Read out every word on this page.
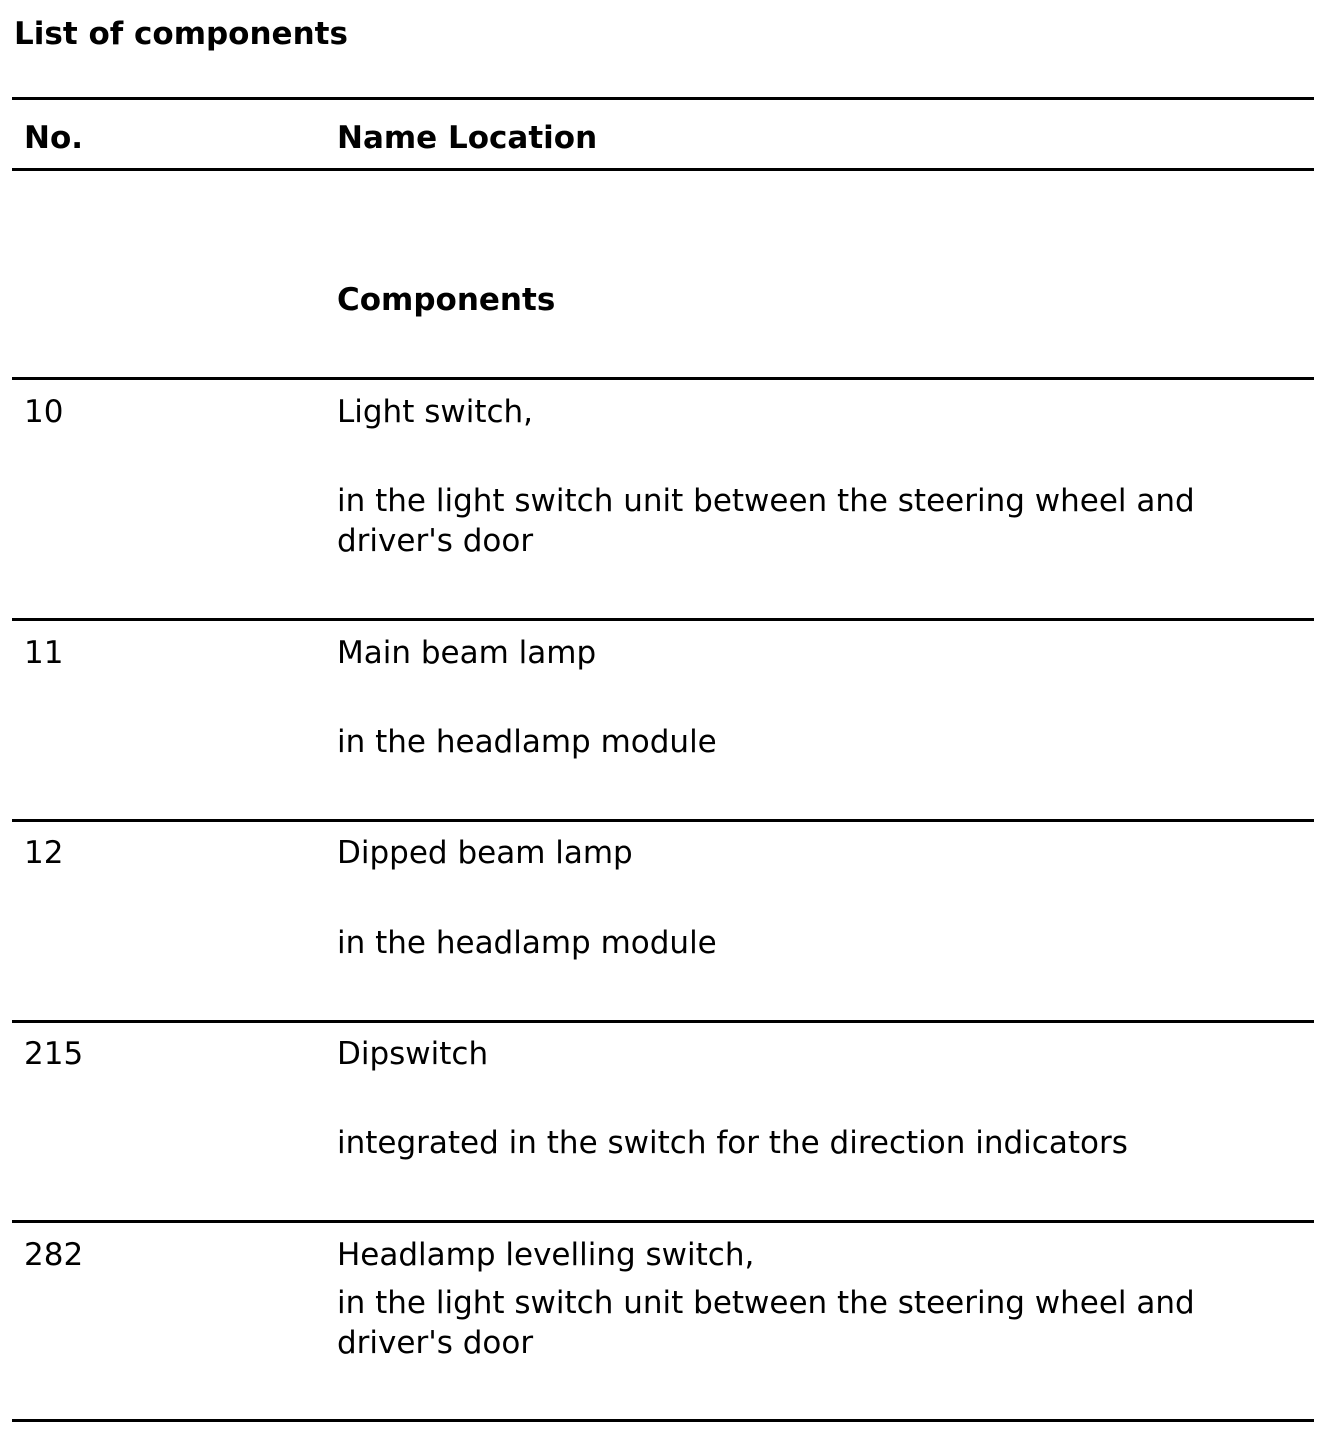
List of components
No.	Name Location
Components
10	Light switch,
in the light switch unit between the steering wheel and
driver's door
11	Main beam lamp
in the headlamp module
12	Dipped beam lamp
in the headlamp module
215	Dipswitch
integrated in the switch for the direction indicators
282	Headlamp levelling switch,
in the light switch unit between the steering wheel and
driver's door
